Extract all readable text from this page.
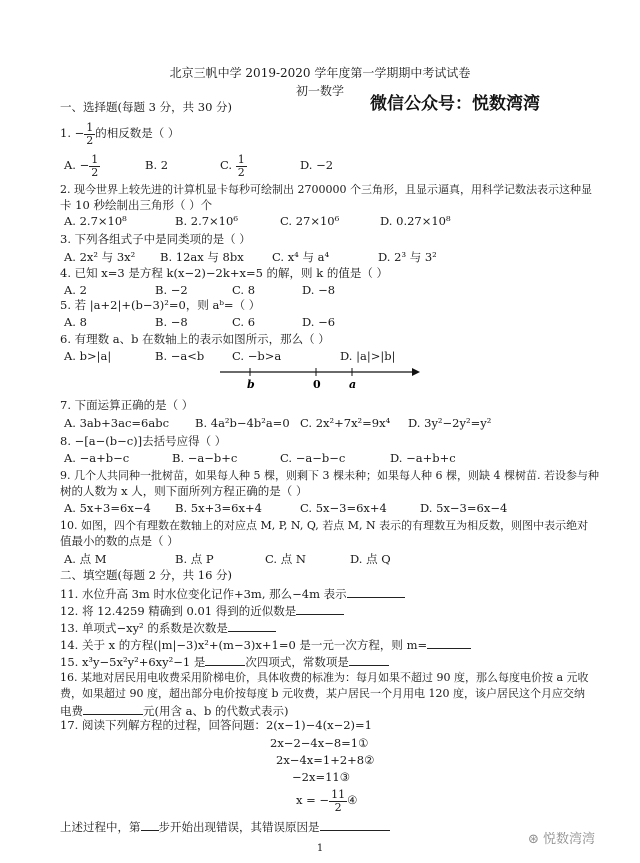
北京三帆中学 2019-2020 学年度第一学期期中考试试卷
初一数学
微信公众号：悦数湾湾
一、选择题(每题 3 分，共 30 分)
1. − $\frac{1}{2}$ 的相反数是（ ）
A. − $\frac{1}{2}$	B. 2	C. $\frac{1}{2}$	D. −2
2. 现今世界上较先进的计算机显卡每秒可绘制出 2700000 个三角形，且显示逼真，用科学记数法表示这种显
卡 10 秒绘制出三角形（ ）个
A. 2.7×10⁸	B. 2.7×10⁶	C. 27×10⁶	D. 0.27×10⁸
3. 下列各组式子中是同类项的是（ ）
A. 2x² 与 3x² B. 12ax 与 8bx C. x⁴ 与 a⁴	D. 2³ 与 3²
4. 已知 x=3 是方程 k(x−2)−2k+x=5 的解，则 k 的值是（ ）
A. 2	B. −2	C. 8	D. −8
5. 若 |a+2|+(b−3)²=0，则 aᵇ=（ ）
A. 8	B. −8	C. 6	D. −6
6. 有理数 a、b 在数轴上的表示如图所示，那么（ ）
A. b>|a|	B. −a<b C. −b>a	D. |a|>|b|
b	0	a
7. 下面运算正确的是（ ）
A. 3ab+3ac=6abc B. 4a²b−4b²a=0 C. 2x²+7x²=9x⁴ D. 3y²−2y²=y²
8. −[a−(b−c)]去括号应得（ ）
A. −a+b−c	B. −a−b+c	C. −a−b−c	D. −a+b+c
9. 几个人共同种一批树苗，如果每人种 5 棵，则剩下 3 棵未种；如果每人种 6 棵，则缺 4 棵树苗. 若设参与种
树的人数为 x 人，则下面所列方程正确的是（ ）
A. 5x+3=6x−4 B. 5x+3=6x+4	C. 5x−3=6x+4	D. 5x−3=6x−4
10. 如图，四个有理数在数轴上的对应点 M, P, N, Q, 若点 M, N 表示的有理数互为相反数，则图中表示绝对
值最小的数的点是（ ）
A. 点 M	B. 点 P	C. 点 N	D. 点 Q
二、填空题(每题 2 分，共 16 分)
11. 水位升高 3m 时水位变化记作+3m, 那么−4m 表示
12. 将 12.4259 精确到 0.01 得到的近似数是
13. 单项式−xy² 的系数是次数是
14. 关于 x 的方程(|m|−3)x²+(m−3)x+1=0 是一元一次方程，则 m=
15. x³y−5x²y²+6xy²−1 是	次四项式，常数项是
16. 某地对居民用电收费采用阶梯电价，具体收费的标准为：每月如果不超过 90 度，那么每度电价按 a 元收
费，如果超过 90 度，超出部分电价按每度 b 元收费，某户居民一个月用电 120 度，该户居民这个月应交纳
电费	元(用含 a、b 的代数式表示)
17. 阅读下列解方程的过程，回答问题：2(x−1)−4(x−2)=1
2x−2−4x−8=1①
2x−4x=1+2+8②
−2x=11③
x = − $\frac{11}{2}$ ④
上述过程中，第 步开始出现错误，其错误原因是
⊛ 悦数湾湾
1
